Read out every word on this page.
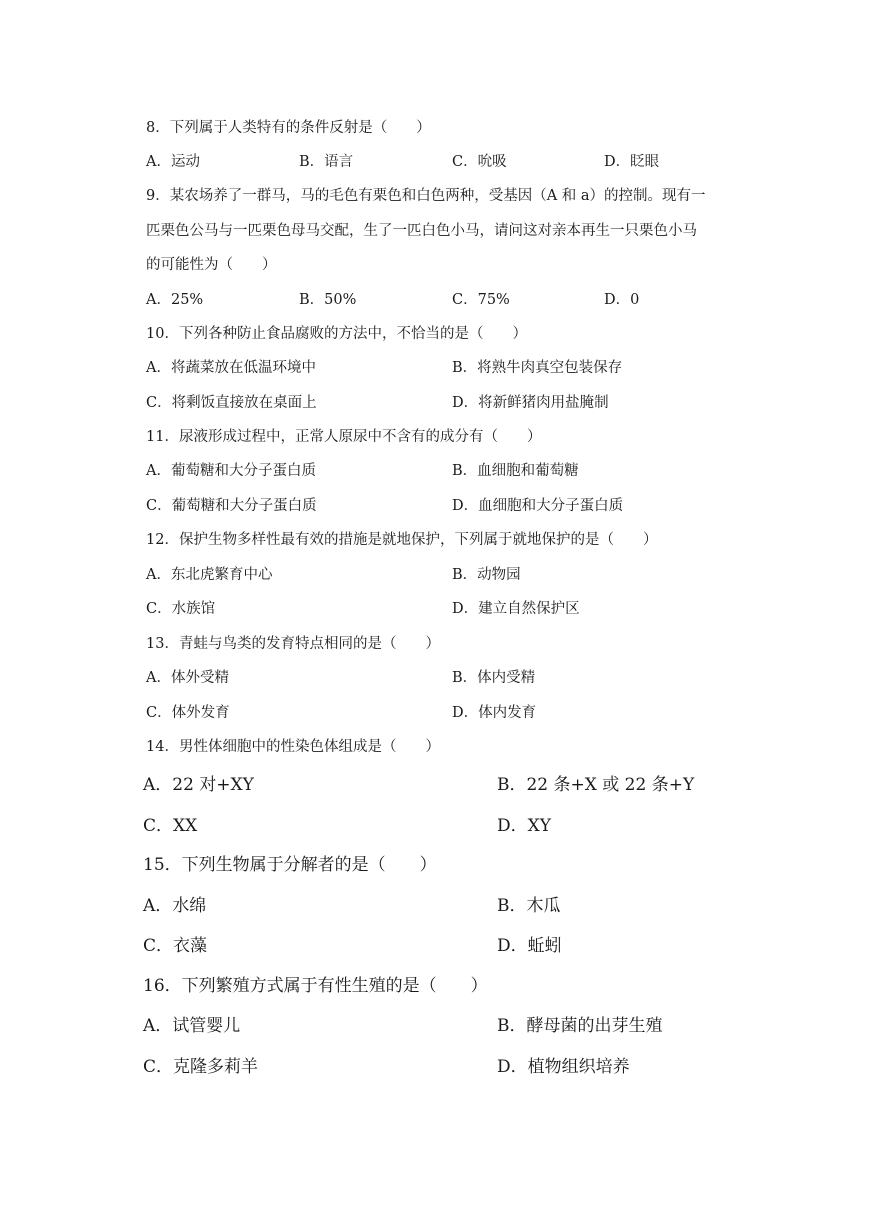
8．下列属于人类特有的条件反射是（　　）
A．运动	B．语言	C．吮吸	D．眨眼
9．某农场养了一群马，马的毛色有栗色和白色两种，受基因（A 和 a）的控制。现有一
匹栗色公马与一匹栗色母马交配，生了一匹白色小马，请问这对亲本再生一只栗色小马
的可能性为（　　）
A．25%	B．50%	C．75%	D．0
10．下列各种防止食品腐败的方法中，不恰当的是（　　）
A．将蔬菜放在低温环境中	B．将熟牛肉真空包装保存
C．将剩饭直接放在桌面上	D．将新鲜猪肉用盐腌制
11．尿液形成过程中，正常人原尿中不含有的成分有（　　）
A．葡萄糖和大分子蛋白质	B．血细胞和葡萄糖
C．葡萄糖和大分子蛋白质	D．血细胞和大分子蛋白质
12．保护生物多样性最有效的措施是就地保护，下列属于就地保护的是（　　）
A．东北虎繁育中心	B．动物园
C．水族馆	D．建立自然保护区
13．青蛙与鸟类的发育特点相同的是（　　）
A．体外受精	B．体内受精
C．体外发育	D．体内发育
14．男性体细胞中的性染色体组成是（　　）
A．22 对+XY	B．22 条+X 或 22 条+Y
C．XX	D．XY
15．下列生物属于分解者的是（　　）
A．水绵	B．木瓜
C．衣藻	D．蚯蚓
16．下列繁殖方式属于有性生殖的是（　　）
A．试管婴儿	B．酵母菌的出芽生殖
C．克隆多莉羊	D．植物组织培养
